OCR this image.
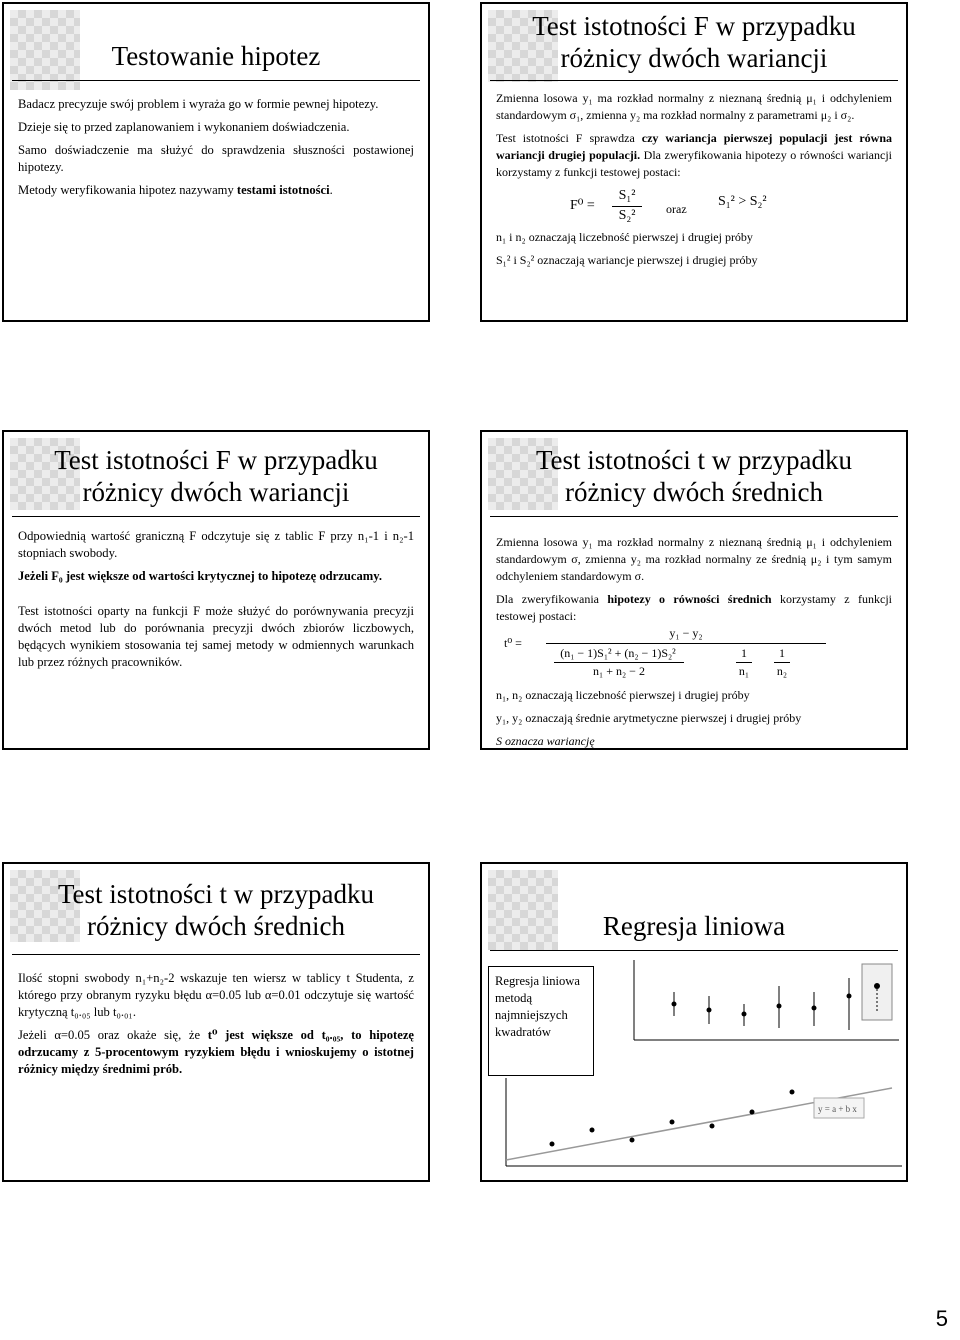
Testowanie hipotez

Badacz precyzuje swój problem i wyraża go w formie pewnej hipotezy.

Dzieje się to przed zaplanowaniem i wykonaniem doświadczenia.

Samo doświadczenie ma służyć do sprawdzenia słuszności postawionej hipotezy.

Metody weryfikowania hipotez nazywamy testami istotności.

Test istotności F w przypadku
różnicy dwóch wariancji

Zmienna losowa y₁ ma rozkład normalny z nieznaną średnią μ₁ i odchyleniem standardowym σ₁, zmienna y₂ ma rozkład normalny z parametrami μ₂ i σ₂.

Test istotności F sprawdza czy wariancja pierwszej populacji jest równa wariancji drugiej populacji. Dla zweryfikowania hipotezy o równości wariancji korzystamy z funkcji testowej postaci:

F⁰ =
S₁²
S₂²	oraz S₁² > S₂²

n₁ i n₂ oznaczają liczebność pierwszej i drugiej próby

S₁² i S₂² oznaczają wariancje pierwszej i drugiej próby

Test istotności F w przypadku
różnicy dwóch wariancji

Odpowiednią wartość graniczną F odczytuje się z tablic F przy n₁-1 i n₂-1 stopniach swobody.

Jeżeli F₀ jest większe od wartości krytycznej to hipotezę odrzucamy.

Test istotności oparty na funkcji F może służyć do porównywania precyzji dwóch metod lub do porównania precyzji dwóch zbiorów liczbowych, będących wynikiem stosowania tej samej metody w odmiennych warunkach lub przez różnych pracowników.

Test istotności t w przypadku
różnicy dwóch średnich

Zmienna losowa y₁ ma rozkład normalny z nieznaną średnią μ₁ i odchyleniem standardowym σ, zmienna y₂ ma rozkład normalny ze średnią μ₂ i tym samym odchyleniem standardowym σ.

Dla zweryfikowania hipotezy o równości średnich korzystamy z funkcji testowej postaci:

t⁰ =
y₁ − y₂
(n₁ − 1)S₁² + (n₂ − 1)S₂²
n₁ + n₂ − 2
1
n₁
1
n₂

n₁, n₂ oznaczają liczebność pierwszej i drugiej próby

y₁, y₂ oznaczają średnie arytmetyczne pierwszej i drugiej próby

S oznacza wariancję

Test istotności t w przypadku
różnicy dwóch średnich

Ilość stopni swobody n₁+n₂-2 wskazuje ten wiersz w tablicy t Studenta, z którego przy obranym ryzyku błędu α=0.05 lub α=0.01 odczytuje się wartość krytyczną t₀.₀₅ lub t₀.₀₁.

Jeżeli α=0.05 oraz okaże się, że t⁰ jest większe od t₀.₀₅, to hipotezę odrzucamy z 5-procentowym ryzykiem błędu i wnioskujemy o istotnej różnicy między średnimi prób.

Regresja liniowa
Regresja liniowa metodą najmniejszych kwadratów
y = a + b x
5
